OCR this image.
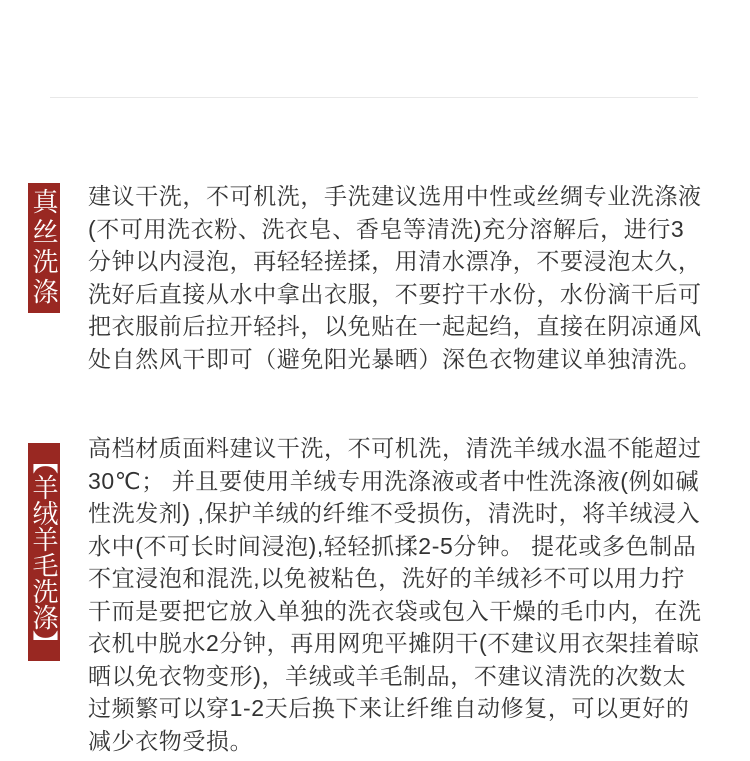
真丝洗涤 建议干洗，不可机洗，手洗建议选用中性或丝绸专业洗涤液(不可用洗衣粉、洗衣皂、香皂等清洗)充分溶解后，进行3分钟以内浸泡，再轻轻搓揉，用清水漂净，不要浸泡太久，洗好后直接从水中拿出衣服，不要拧干水份，水份滴干后可把衣服前后拉开轻抖，以免贴在一起起绉，直接在阴凉通风处自然风干即可（避免阳光暴晒）深色衣物建议单独清洗。
【羊绒羊毛洗涤】 高档材质面料建议干洗，不可机洗，清洗羊绒水温不能超过30℃； 并且要使用羊绒专用洗涤液或者中性洗涤液(例如碱性洗发剂) ,保护羊绒的纤维不受损伤，清洗时，将羊绒浸入水中(不可长时间浸泡),轻轻抓揉2-5分钟。 提花或多色制品不宜浸泡和混洗,以免被粘色，洗好的羊绒衫不可以用力拧干而是要把它放入单独的洗衣袋或包入干燥的毛巾内，在洗衣机中脱水2分钟，再用网兜平摊阴干(不建议用衣架挂着晾晒以免衣物变形)，羊绒或羊毛制品，不建议清洗的次数太过频繁可以穿1-2天后换下来让纤维自动修复，可以更好的减少衣物受损。
